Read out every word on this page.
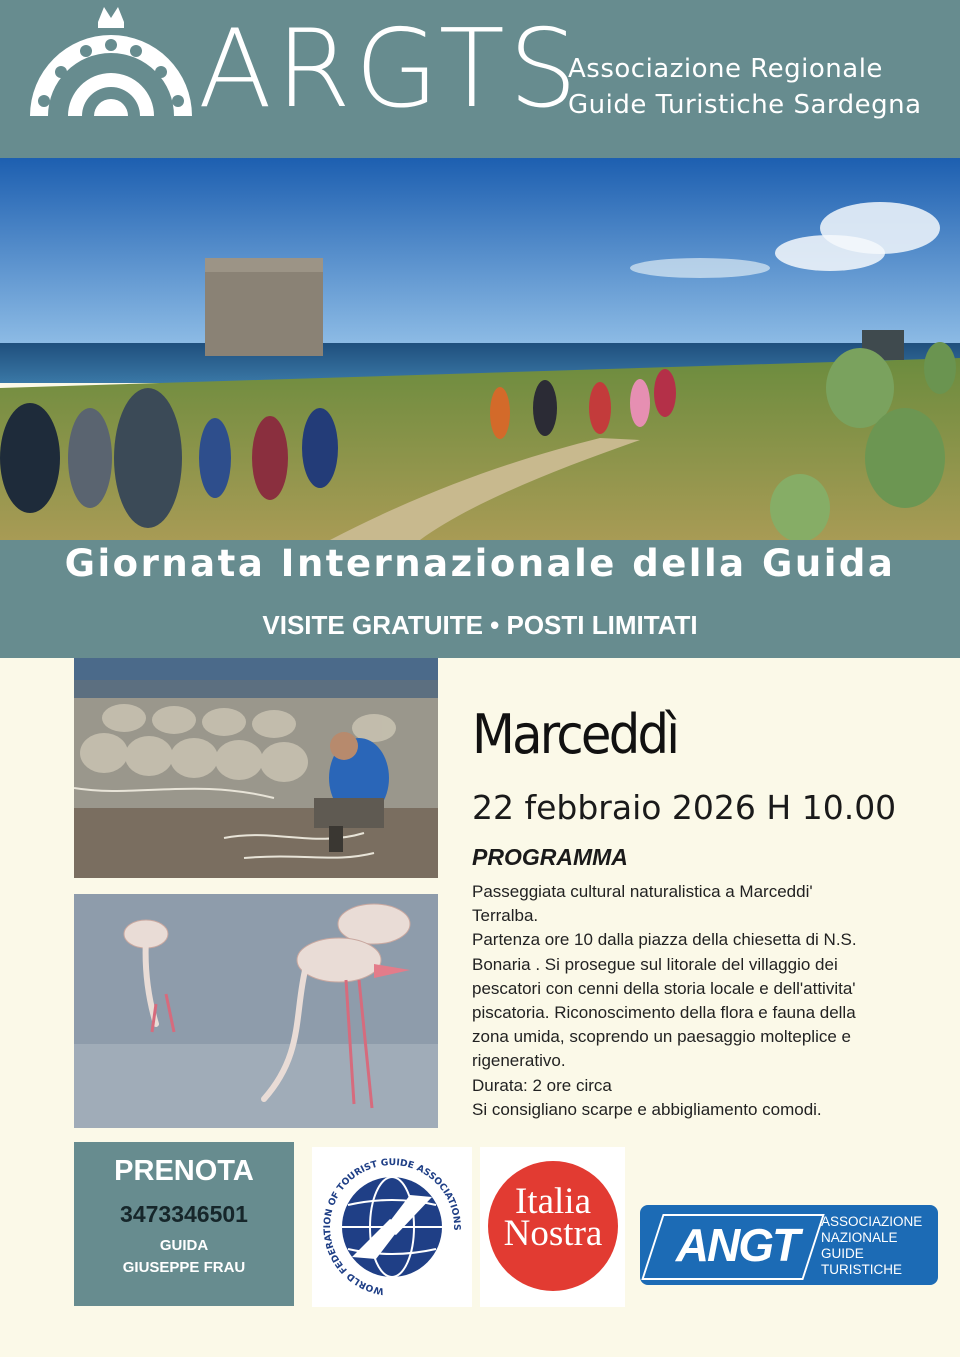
ARGTS
Associazione Regionale
Guide Turistiche Sardegna
Giornata Internazionale della Guida
VISITE GRATUITE • POSTI LIMITATI
Marceddì
22 febbraio 2026 H 10.00
PROGRAMMA
Passeggiata cultural naturalistica a Marceddi'
Terralba.
Partenza ore 10 dalla piazza della chiesetta di N.S.
Bonaria . Si prosegue sul litorale del villaggio dei
pescatori con cenni della storia locale e dell'attivita'
piscatoria. Riconoscimento della flora e fauna della
zona umida, scoprendo un paesaggio molteplice e
rigenerativo.
Durata: 2 ore circa
Si consigliano scarpe e abbigliamento comodi.
PRENOTA
3473346501
GUIDA
GIUSEPPE FRAU
WORLD FEDERATION OF TOURIST GUIDE ASSOCIATIONS
Italia
Nostra	ANGT	ASSOCIAZIONE
NAZIONALE
GUIDE
TURISTICHE
